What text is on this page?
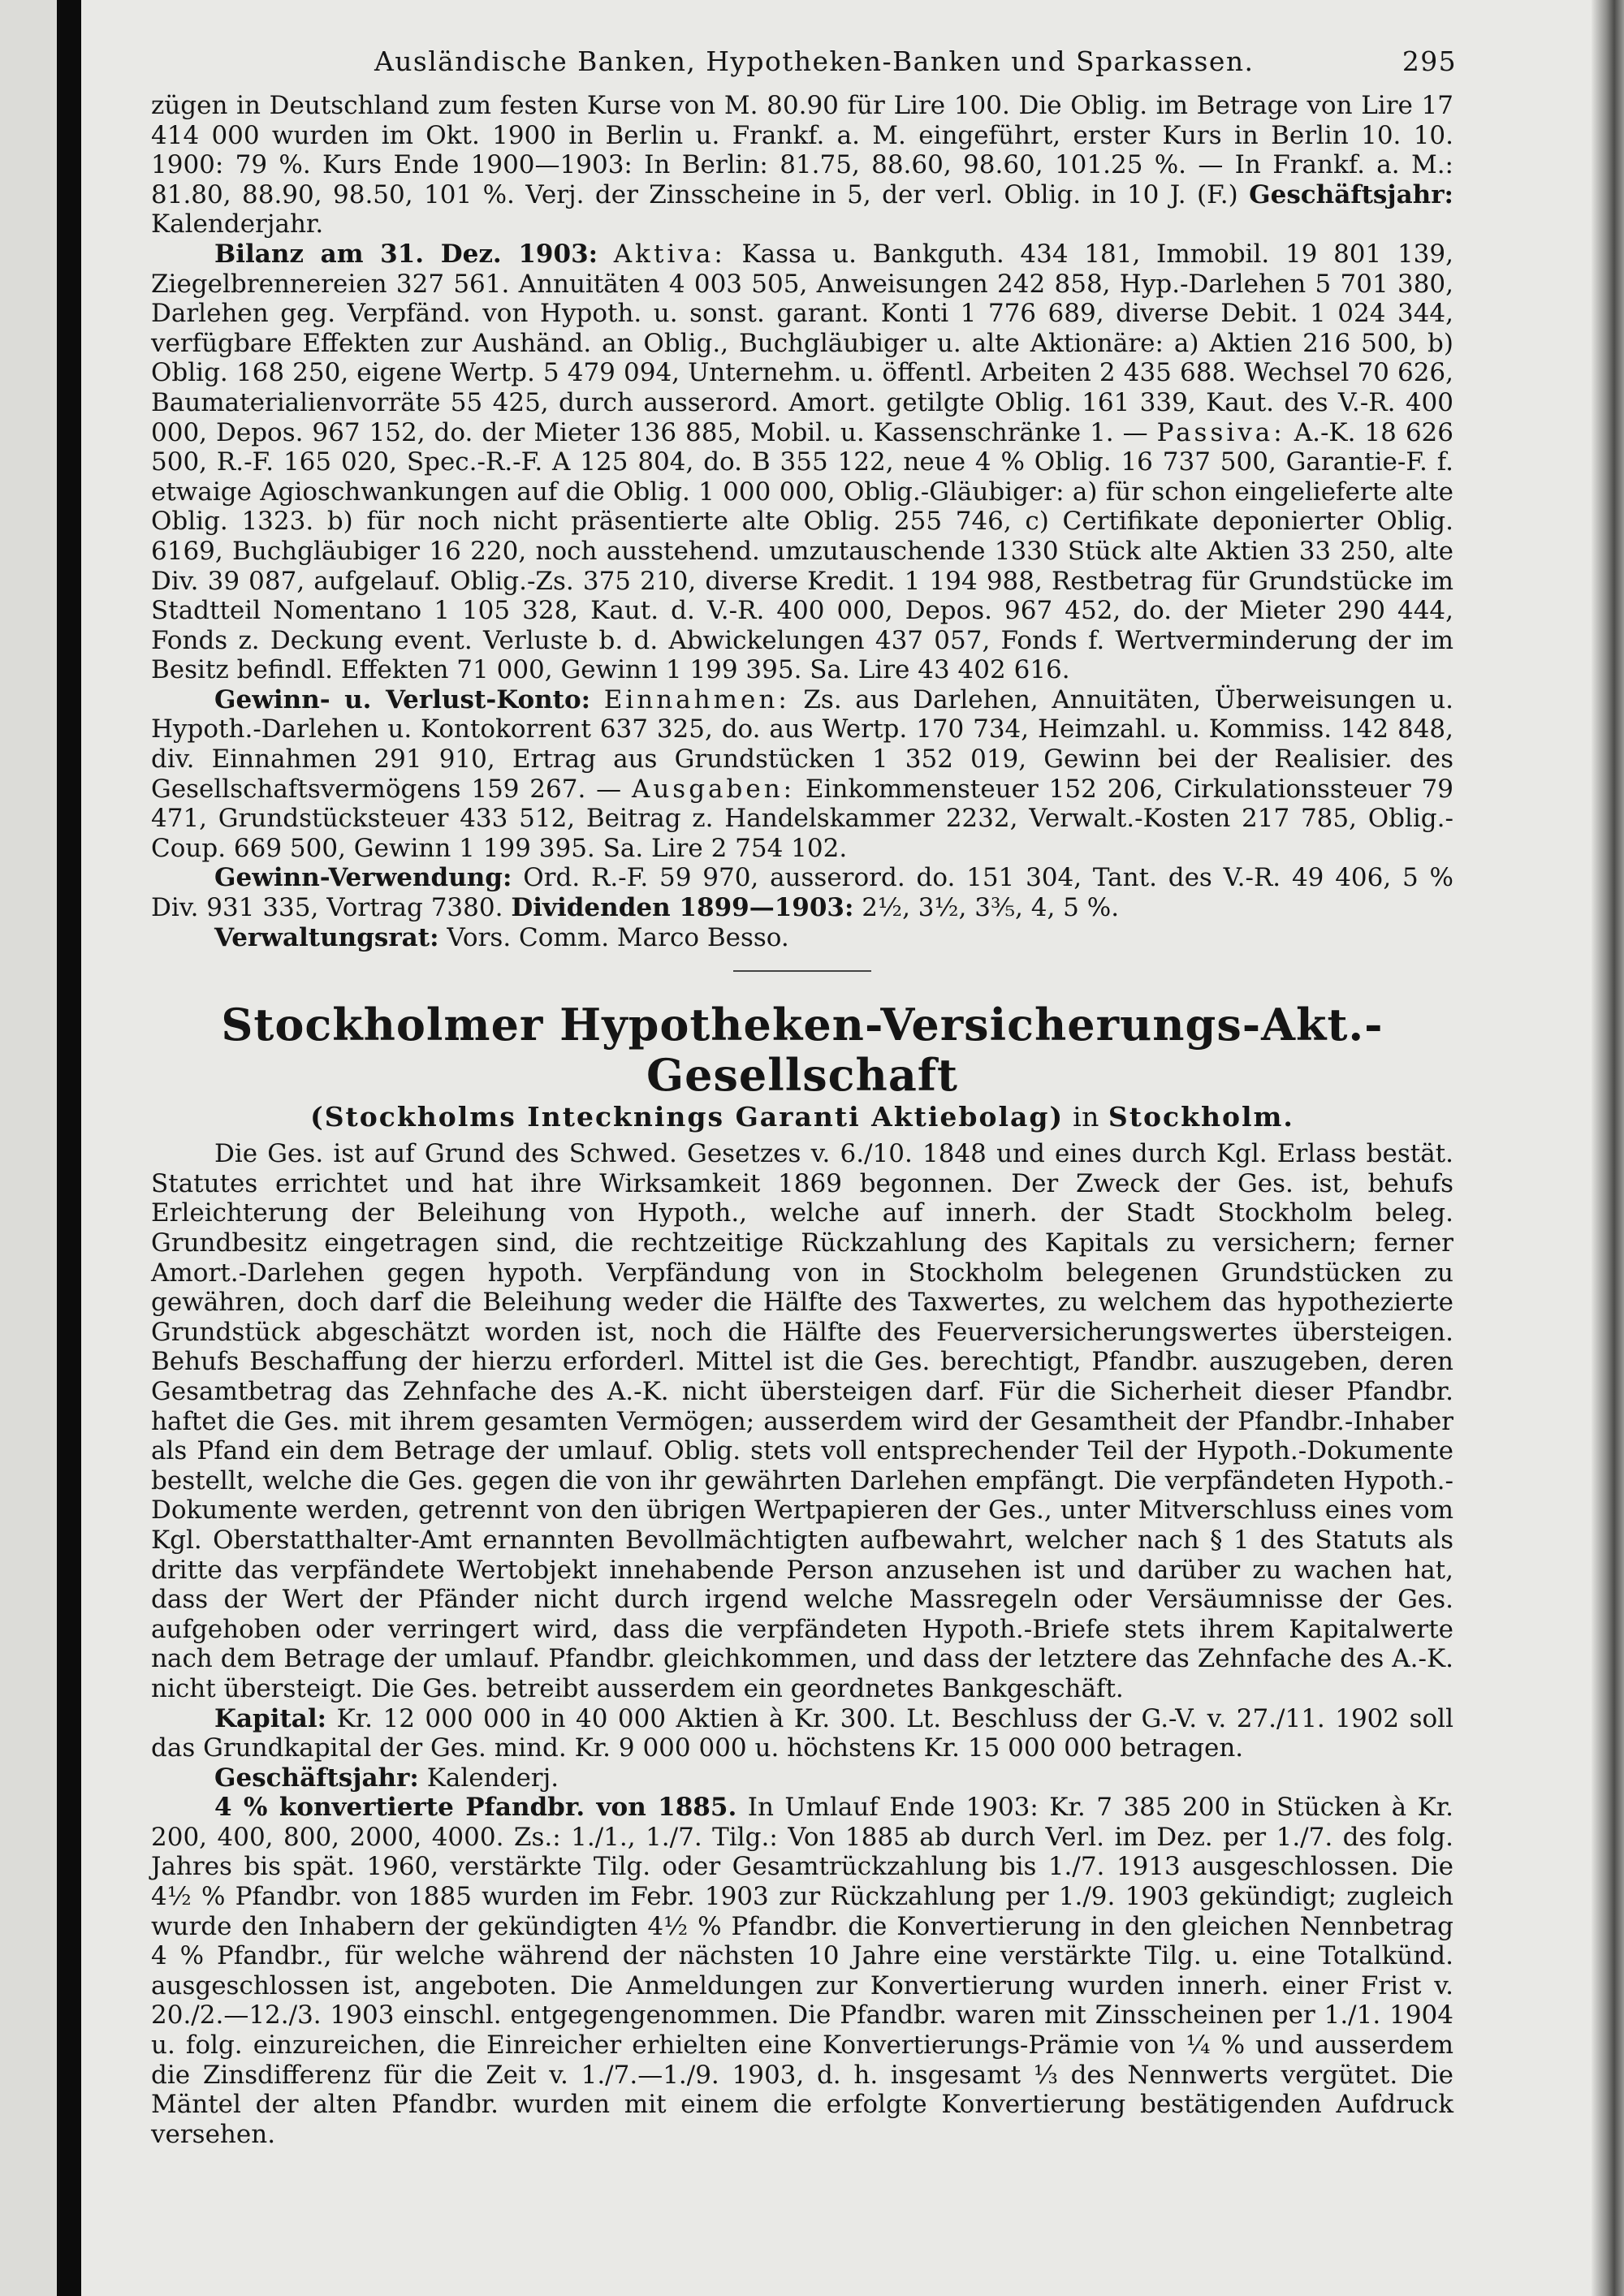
Ausländische Banken, Hypotheken-Banken und Sparkassen.	295

zügen in Deutschland zum festen Kurse von M. 80.90 für Lire 100. Die Oblig. im Betrage von Lire 17 414 000 wurden im Okt. 1900 in Berlin u. Frankf. a. M. eingeführt, erster Kurs in Berlin 10. 10. 1900: 79 %. Kurs Ende 1900—1903: In Berlin: 81.75, 88.60, 98.60, 101.25 %. — In Frankf. a. M.: 81.80, 88.90, 98.50, 101 %. Verj. der Zinsscheine in 5, der verl. Oblig. in 10 J. (F.) Geschäftsjahr: Kalenderjahr.

Bilanz am 31. Dez. 1903: Aktiva: Kassa u. Bankguth. 434 181, Immobil. 19 801 139, Ziegelbrennereien 327 561. Annuitäten 4 003 505, Anweisungen 242 858, Hyp.-Darlehen 5 701 380, Darlehen geg. Verpfänd. von Hypoth. u. sonst. garant. Konti 1 776 689, diverse Debit. 1 024 344, verfügbare Effekten zur Aushänd. an Oblig., Buchgläubiger u. alte Aktionäre: a) Aktien 216 500, b) Oblig. 168 250, eigene Wertp. 5 479 094, Unternehm. u. öffentl. Arbeiten 2 435 688. Wechsel 70 626, Baumaterialienvorräte 55 425, durch ausserord. Amort. getilgte Oblig. 161 339, Kaut. des V.-R. 400 000, Depos. 967 152, do. der Mieter 136 885, Mobil. u. Kassenschränke 1. — Passiva: A.-K. 18 626 500, R.-F. 165 020, Spec.-R.-F. A 125 804, do. B 355 122, neue 4 % Oblig. 16 737 500, Garantie-F. f. etwaige Agioschwankungen auf die Oblig. 1 000 000, Oblig.-Gläubiger: a) für schon eingelieferte alte Oblig. 1323. b) für noch nicht präsentierte alte Oblig. 255 746, c) Certifikate deponierter Oblig. 6169, Buchgläubiger 16 220, noch ausstehend. umzutauschende 1330 Stück alte Aktien 33 250, alte Div. 39 087, aufgelauf. Oblig.-Zs. 375 210, diverse Kredit. 1 194 988, Restbetrag für Grundstücke im Stadtteil Nomentano 1 105 328, Kaut. d. V.-R. 400 000, Depos. 967 452, do. der Mieter 290 444, Fonds z. Deckung event. Verluste b. d. Abwickelungen 437 057, Fonds f. Wertverminderung der im Besitz befindl. Effekten 71 000, Gewinn 1 199 395. Sa. Lire 43 402 616.

Gewinn- u. Verlust-Konto: Einnahmen: Zs. aus Darlehen, Annuitäten, Überweisungen u. Hypoth.-Darlehen u. Kontokorrent 637 325, do. aus Wertp. 170 734, Heimzahl. u. Kommiss. 142 848, div. Einnahmen 291 910, Ertrag aus Grundstücken 1 352 019, Gewinn bei der Realisier. des Gesellschaftsvermögens 159 267. — Ausgaben: Einkommensteuer 152 206, Cirkulationssteuer 79 471, Grundstücksteuer 433 512, Beitrag z. Handelskammer 2232, Verwalt.-Kosten 217 785, Oblig.-Coup. 669 500, Gewinn 1 199 395. Sa. Lire 2 754 102.

Gewinn-Verwendung: Ord. R.-F. 59 970, ausserord. do. 151 304, Tant. des V.-R. 49 406, 5 % Div. 931 335, Vortrag 7380. Dividenden 1899—1903: 2½, 3½, 3⅗, 4, 5 %.

Verwaltungsrat: Vors. Comm. Marco Besso.

Stockholmer Hypotheken-Versicherungs-Akt.-Gesellschaft
(Stockholms Intecknings Garanti Aktiebolag) in Stockholm.

Die Ges. ist auf Grund des Schwed. Gesetzes v. 6./10. 1848 und eines durch Kgl. Erlass bestät. Statutes errichtet und hat ihre Wirksamkeit 1869 begonnen. Der Zweck der Ges. ist, behufs Erleichterung der Beleihung von Hypoth., welche auf innerh. der Stadt Stockholm beleg. Grundbesitz eingetragen sind, die rechtzeitige Rückzahlung des Kapitals zu versichern; ferner Amort.-Darlehen gegen hypoth. Verpfändung von in Stockholm belegenen Grundstücken zu gewähren, doch darf die Beleihung weder die Hälfte des Taxwertes, zu welchem das hypothezierte Grundstück abgeschätzt worden ist, noch die Hälfte des Feuerversicherungswertes übersteigen. Behufs Beschaffung der hierzu erforderl. Mittel ist die Ges. berechtigt, Pfandbr. auszugeben, deren Gesamtbetrag das Zehnfache des A.-K. nicht übersteigen darf. Für die Sicherheit dieser Pfandbr. haftet die Ges. mit ihrem gesamten Vermögen; ausserdem wird der Gesamtheit der Pfandbr.-Inhaber als Pfand ein dem Betrage der umlauf. Oblig. stets voll entsprechender Teil der Hypoth.-Dokumente bestellt, welche die Ges. gegen die von ihr gewährten Darlehen empfängt. Die verpfändeten Hypoth.-Dokumente werden, getrennt von den übrigen Wertpapieren der Ges., unter Mitverschluss eines vom Kgl. Oberstatthalter-Amt ernannten Bevollmächtigten aufbewahrt, welcher nach § 1 des Statuts als dritte das verpfändete Wertobjekt innehabende Person anzusehen ist und darüber zu wachen hat, dass der Wert der Pfänder nicht durch irgend welche Massregeln oder Versäumnisse der Ges. aufgehoben oder verringert wird, dass die verpfändeten Hypoth.-Briefe stets ihrem Kapitalwerte nach dem Betrage der umlauf. Pfandbr. gleichkommen, und dass der letztere das Zehnfache des A.-K. nicht übersteigt. Die Ges. betreibt ausserdem ein geordnetes Bankgeschäft.

Kapital: Kr. 12 000 000 in 40 000 Aktien à Kr. 300. Lt. Beschluss der G.-V. v. 27./11. 1902 soll das Grundkapital der Ges. mind. Kr. 9 000 000 u. höchstens Kr. 15 000 000 betragen.

Geschäftsjahr: Kalenderj.

4 % konvertierte Pfandbr. von 1885. In Umlauf Ende 1903: Kr. 7 385 200 in Stücken à Kr. 200, 400, 800, 2000, 4000. Zs.: 1./1., 1./7. Tilg.: Von 1885 ab durch Verl. im Dez. per 1./7. des folg. Jahres bis spät. 1960, verstärkte Tilg. oder Gesamtrückzahlung bis 1./7. 1913 ausgeschlossen. Die 4½ % Pfandbr. von 1885 wurden im Febr. 1903 zur Rückzahlung per 1./9. 1903 gekündigt; zugleich wurde den Inhabern der gekündigten 4½ % Pfandbr. die Konvertierung in den gleichen Nennbetrag 4 % Pfandbr., für welche während der nächsten 10 Jahre eine verstärkte Tilg. u. eine Totalkünd. ausgeschlossen ist, angeboten. Die Anmeldungen zur Konvertierung wurden innerh. einer Frist v. 20./2.—12./3. 1903 einschl. entgegengenommen. Die Pfandbr. waren mit Zinsscheinen per 1./1. 1904 u. folg. einzureichen, die Einreicher erhielten eine Konvertierungs-Prämie von ¼ % und ausserdem die Zinsdifferenz für die Zeit v. 1./7.—1./9. 1903, d. h. insgesamt ⅓ des Nennwerts vergütet. Die Mäntel der alten Pfandbr. wurden mit einem die erfolgte Konvertierung bestätigenden Aufdruck versehen.
